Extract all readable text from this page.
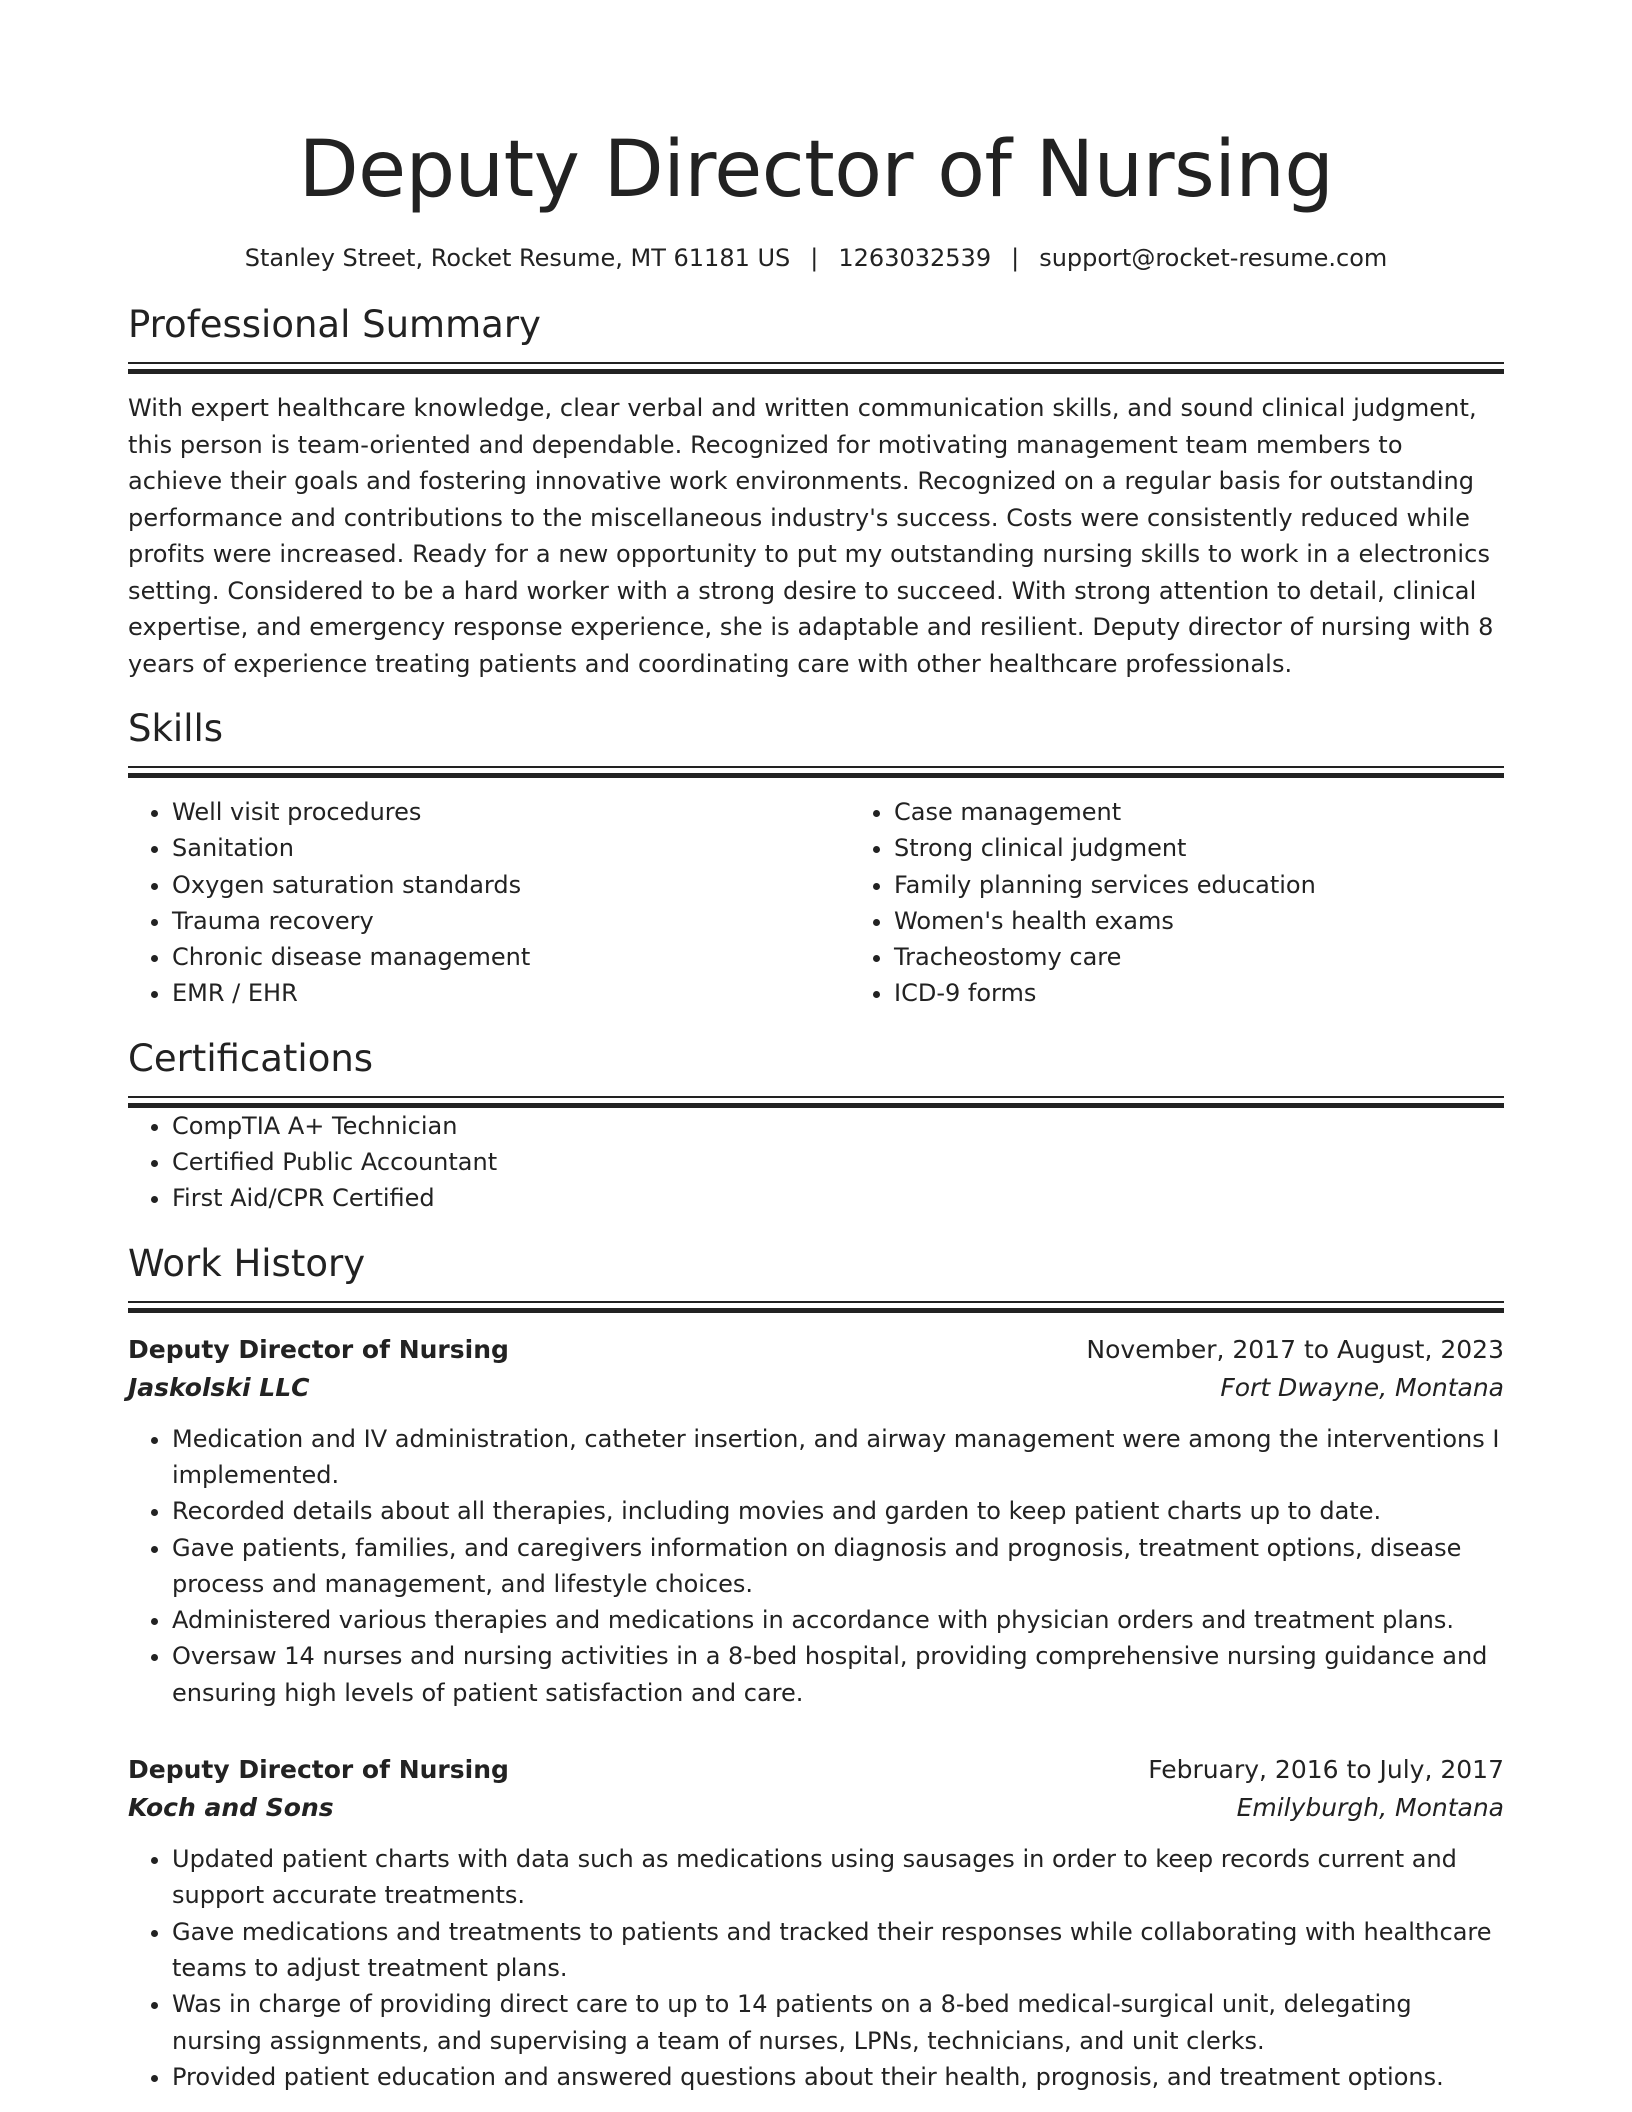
Deputy Director of Nursing
Stanley Street, Rocket Resume, MT 61181 US | 1263032539 | support@rocket-resume.com
Professional Summary
With expert healthcare knowledge, clear verbal and written communication skills, and sound clinical judgment, this person is team-oriented and dependable. Recognized for motivating management team members to achieve their goals and fostering innovative work environments. Recognized on a regular basis for outstanding performance and contributions to the miscellaneous industry's success. Costs were consistently reduced while profits were increased. Ready for a new opportunity to put my outstanding nursing skills to work in a electronics setting. Considered to be a hard worker with a strong desire to succeed. With strong attention to detail, clinical expertise, and emergency response experience, she is adaptable and resilient. Deputy director of nursing with 8 years of experience treating patients and coordinating care with other healthcare professionals.
Skills
• Well visit procedures
• Sanitation
• Oxygen saturation standards
• Trauma recovery
• Chronic disease management
• EMR / EHR
• Case management
• Strong clinical judgment
• Family planning services education
• Women's health exams
• Tracheostomy care
• ICD-9 forms
Certifications
• CompTIA A+ Technician
• Certified Public Accountant
• First Aid/CPR Certified
Work History
Deputy Director of Nursing	November, 2017 to August, 2023
Jaskolski LLC	Fort Dwayne, Montana
• Medication and IV administration, catheter insertion, and airway management were among the interventions I implemented.
• Recorded details about all therapies, including movies and garden to keep patient charts up to date.
• Gave patients, families, and caregivers information on diagnosis and prognosis, treatment options, disease process and management, and lifestyle choices.
• Administered various therapies and medications in accordance with physician orders and treatment plans.
• Oversaw 14 nurses and nursing activities in a 8-bed hospital, providing comprehensive nursing guidance and ensuring high levels of patient satisfaction and care.
Deputy Director of Nursing	February, 2016 to July, 2017
Koch and Sons	Emilyburgh, Montana
• Updated patient charts with data such as medications using sausages in order to keep records current and support accurate treatments.
• Gave medications and treatments to patients and tracked their responses while collaborating with healthcare teams to adjust treatment plans.
• Was in charge of providing direct care to up to 14 patients on a 8-bed medical-surgical unit, delegating nursing assignments, and supervising a team of nurses, LPNs, technicians, and unit clerks.
• Provided patient education and answered questions about their health, prognosis, and treatment options.
